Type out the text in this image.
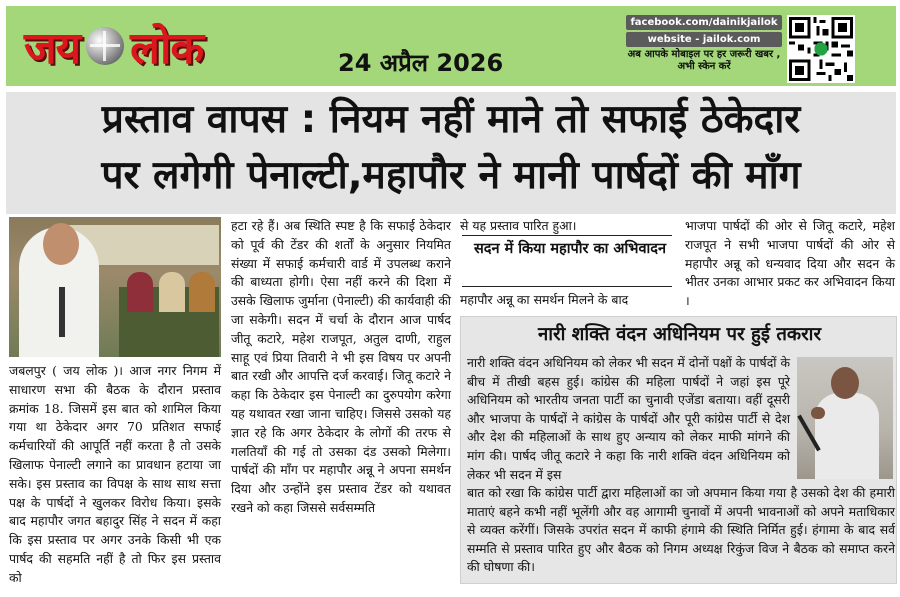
जय लोक	24 अप्रैल 2026
facebook.com/dainikjailok
website - jailok.com
अब आपके मोबाइल पर हर जरूरी खबर , अभी स्केन करें
प्रस्ताव वापस : नियम नहीं माने तो सफाई ठेकेदार
पर लगेगी पेनाल्टी,महापौर ने मानी पार्षदों की माँग
जबलपुर ( जय लोक )। आज नगर निगम में साधारण सभा की बैठक के दौरान प्रस्ताव क्रमांक 18. जिसमें इस बात को शामिल किया गया था ठेकेदार अगर 70 प्रतिशत सफाई कर्मचारियों की आपूर्ति नहीं करता है तो उसके खिलाफ पेनाल्टी लगाने का प्रावधान हटाया जा सके। इस प्रस्ताव का विपक्ष के साथ साथ सत्ता पक्ष के पार्षदों ने खुलकर विरोध किया। इसके बाद महापौर जगत बहादुर सिंह ने सदन में कहा कि इस प्रस्ताव पर अगर उनके किसी भी एक पार्षद की सहमति नहीं है तो फिर इस प्रस्ताव को
हटा रहे हैं। अब स्थिति स्पष्ट है कि सफाई ठेकेदार को पूर्व की टेंडर की शर्तों के अनुसार नियमित संख्या में सफाई कर्मचारी वार्ड में उपलब्ध कराने की बाध्यता होगी। ऐसा नहीं करने की दिशा में उसके खिलाफ जुर्माना (पेनाल्टी) की कार्यवाही की जा सकेगी। सदन में चर्चा के दौरान आज पार्षद जीतू कटारे, महेश राजपूत, अतुल दाणी, राहुल साहू एवं प्रिया तिवारी ने भी इस विषय पर अपनी बात रखी और आपत्ति दर्ज करवाई। जितू कटारे ने कहा कि ठेकेदार इस पेनाल्टी का दुरुपयोग करेगा यह यथावत रखा जाना चाहिए। जिससे उसको यह ज्ञात रहे कि अगर ठेकेदार के लोगों की तरफ से गलतियाँ की गई तो उसका दंड उसको मिलेगा। पार्षदों की माँग पर महापौर अन्नू ने अपना समर्थन दिया और उन्होंने इस प्रस्ताव टेंडर को यथावत रखने को कहा जिससे सर्वसम्मति
से यह प्रस्ताव पारित हुआ।
सदन में किया महापौर का अभिवादन
महापौर अन्नू का समर्थन मिलने के बाद
भाजपा पार्षदों की ओर से जितू कटारे, महेश राजपूत ने सभी भाजपा पार्षदों की ओर से महापौर अन्नू को धन्यवाद दिया और सदन के भीतर उनका आभार प्रकट कर अभिवादन किया ।
नारी शक्ति वंदन अधिनियम पर हुई तकरार
नारी शक्ति वंदन अधिनियम को लेकर भी सदन में दोनों पक्षों के पार्षदों के बीच में तीखी बहस हुई। कांग्रेस की महिला पार्षदों ने जहां इस पूरे अधिनियम को भारतीय जनता पार्टी का चुनावी एजेंडा बताया। वहीं दूसरी और भाजपा के पार्षदों ने कांग्रेस के पार्षदों और पूरी कांग्रेस पार्टी से देश और देश की महिलाओं के साथ हुए अन्याय को लेकर माफी मांगने की मांग की। पार्षद जीतू कटारे ने कहा कि नारी शक्ति वंदन अधिनियम को लेकर भी सदन में इस
बात को रखा कि कांग्रेस पार्टी द्वारा महिलाओं का जो अपमान किया गया है उसको देश की हमारी माताएं बहने कभी नहीं भूलेंगी और वह आगामी चुनावों में अपनी भावनाओं को अपने मताधिकार से व्यक्त करेंगीं। जिसके उपरांत सदन में काफी हंगामे की स्थिति निर्मित हुई। हंगामा के बाद सर्व सम्मति से प्रस्ताव पारित हुए और बैठक को निगम अध्यक्ष रिकुंज विज ने बैठक को समाप्त करने की घोषणा की।
